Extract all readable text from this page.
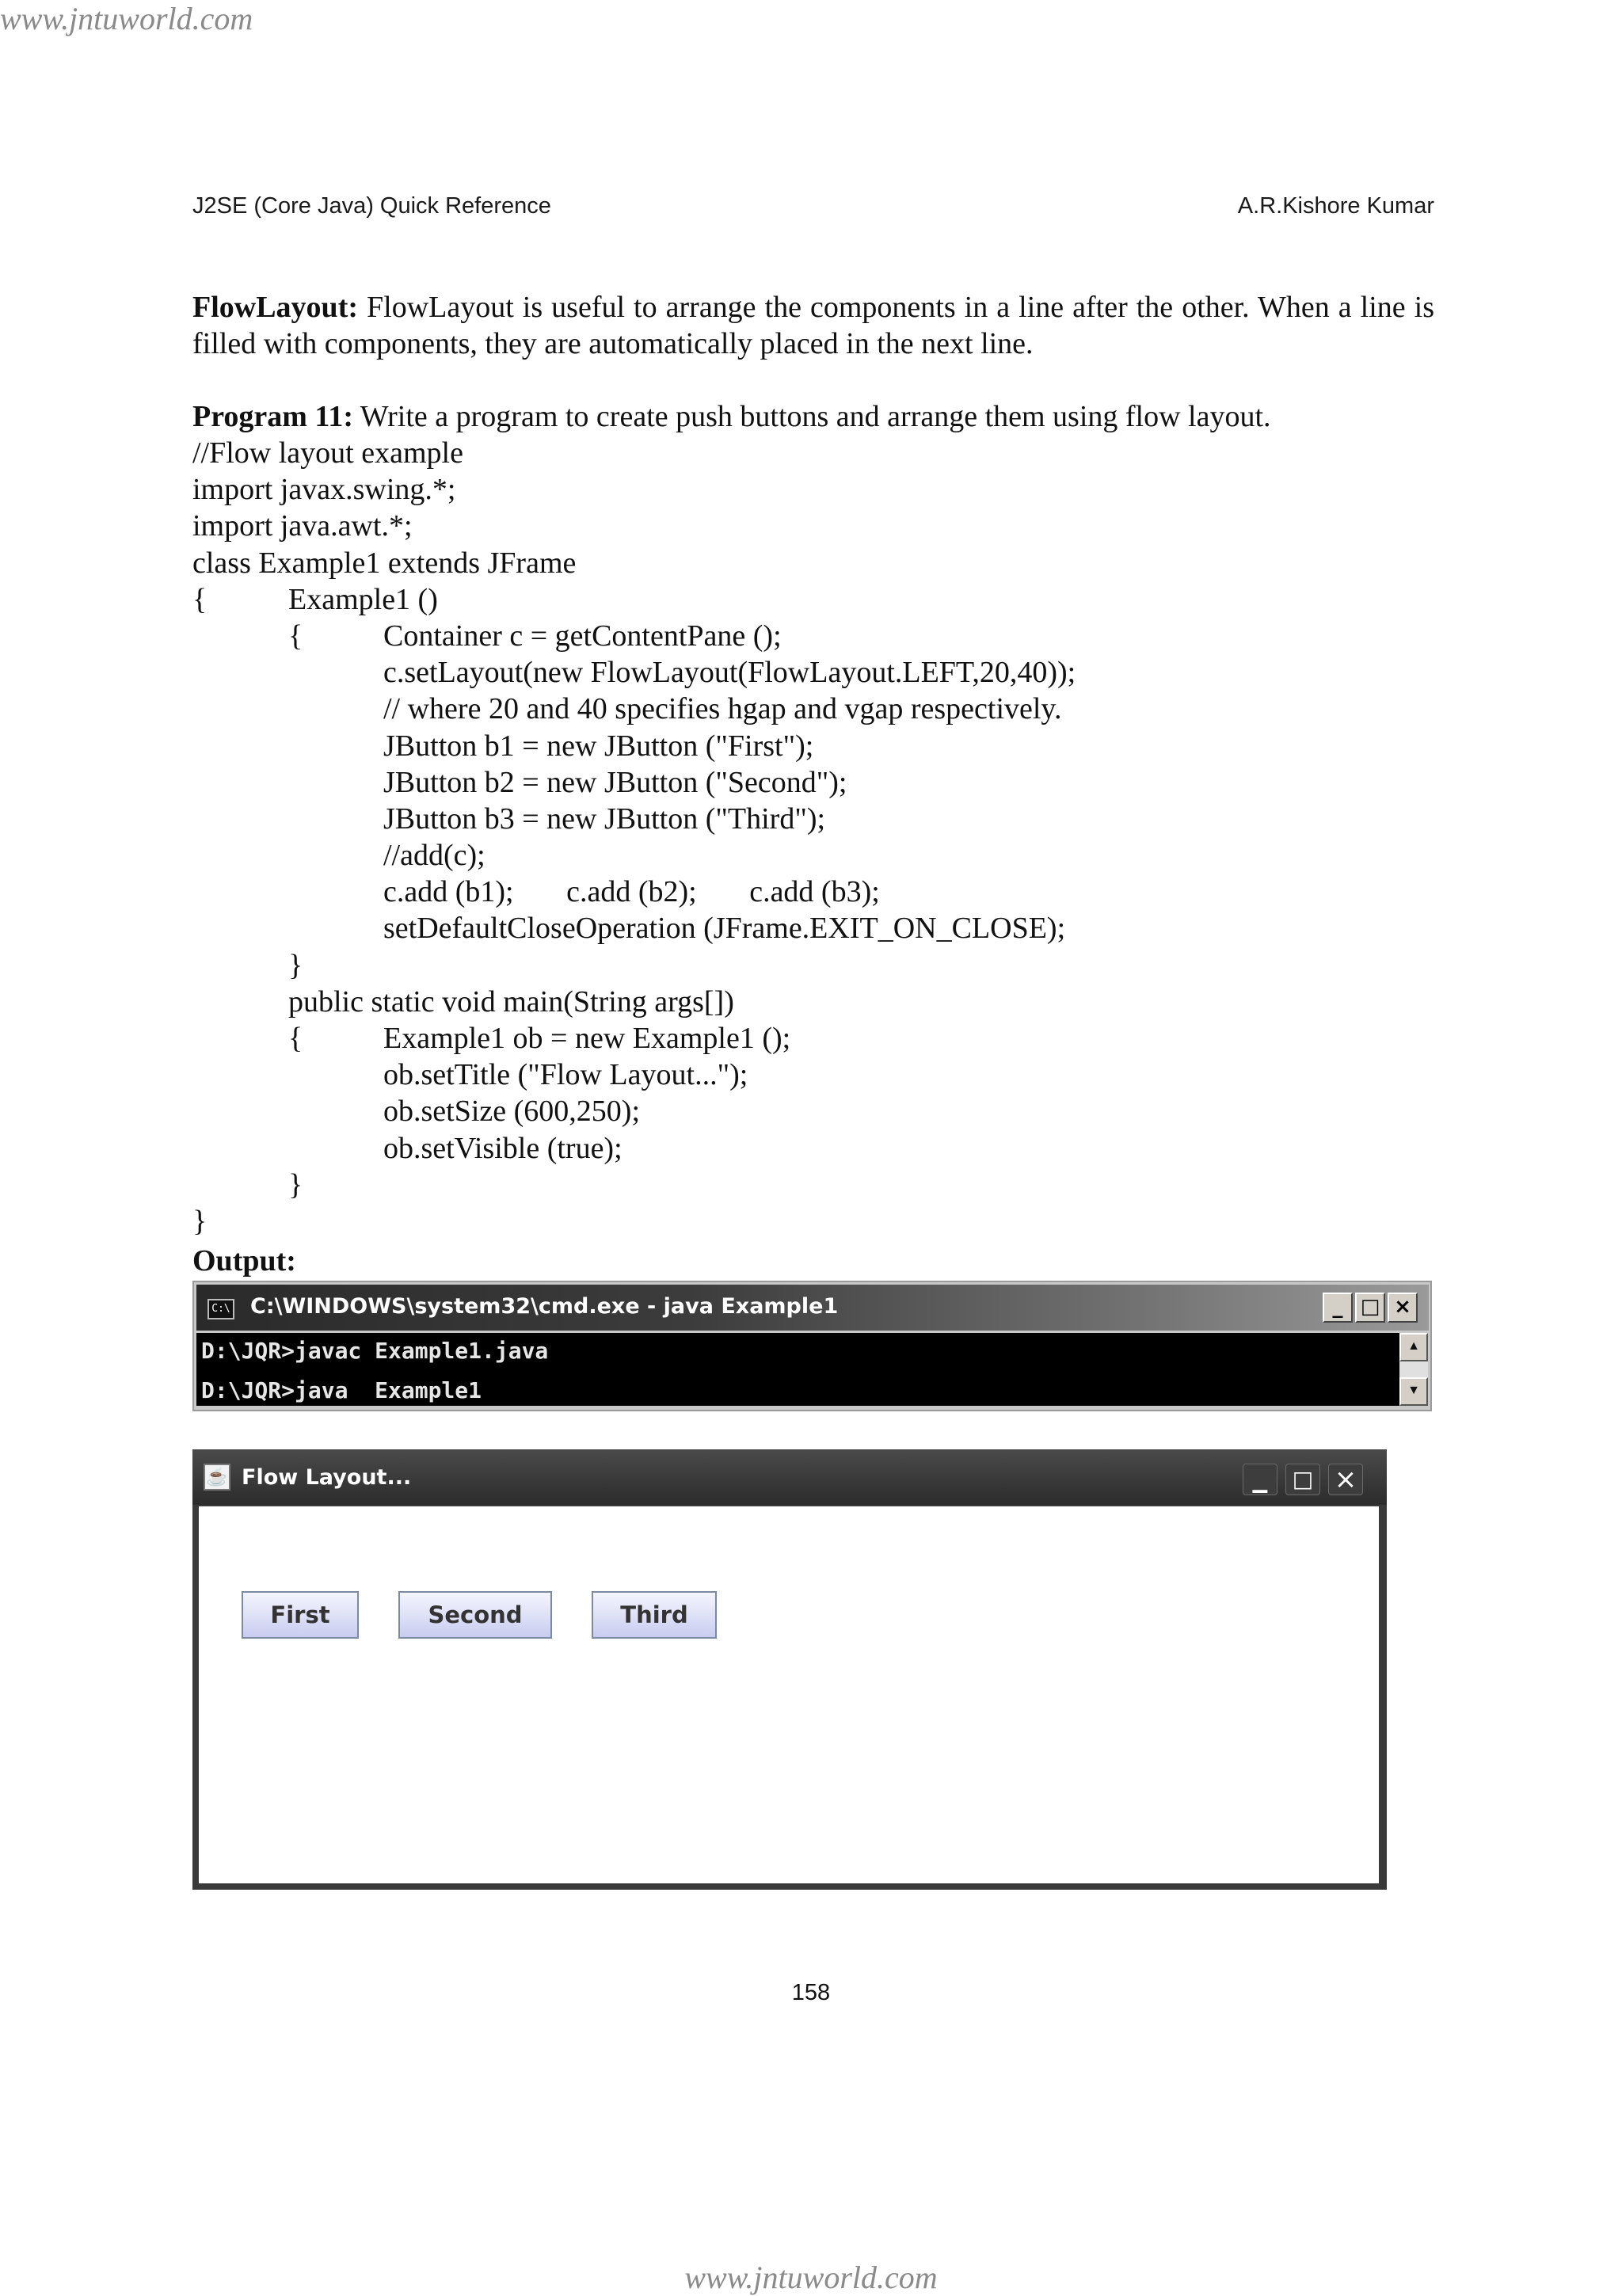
www.jntuworld.com
J2SE (Core Java) Quick Reference	A.R.Kishore Kumar
FlowLayout: FlowLayout is useful to arrange the components in a line after the other. When a line is filled with components, they are automatically placed in the next line.
Program 11: Write a program to create push buttons and arrange them using flow layout.
//Flow layout example
import javax.swing.*;
import java.awt.*;
class Example1 extends JFrame
{	Example1 ()
{	Container c = getContentPane ();
c.setLayout(new FlowLayout(FlowLayout.LEFT,20,40));
// where 20 and 40 specifies hgap and vgap respectively.
JButton b1 = new JButton ("First");
JButton b2 = new JButton ("Second");
JButton b3 = new JButton ("Third");
//add(c);
c.add (b1);       c.add (b2);       c.add (b3);
setDefaultCloseOperation (JFrame.EXIT_ON_CLOSE);
}
public static void main(String args[])
{	Example1 ob = new Example1 ();
ob.setTitle ("Flow Layout...");
ob.setSize (600,250);
ob.setVisible (true);
}
}
Output:
C:\ C:\WINDOWS\system32\cmd.exe - java Example1	_ □ ×
D:\JQR>javac Example1.java
D:\JQR>java  Example1
▲
▼
☕ Flow Layout...	▁	□ ×
First	Second	Third
158
www.jntuworld.com
